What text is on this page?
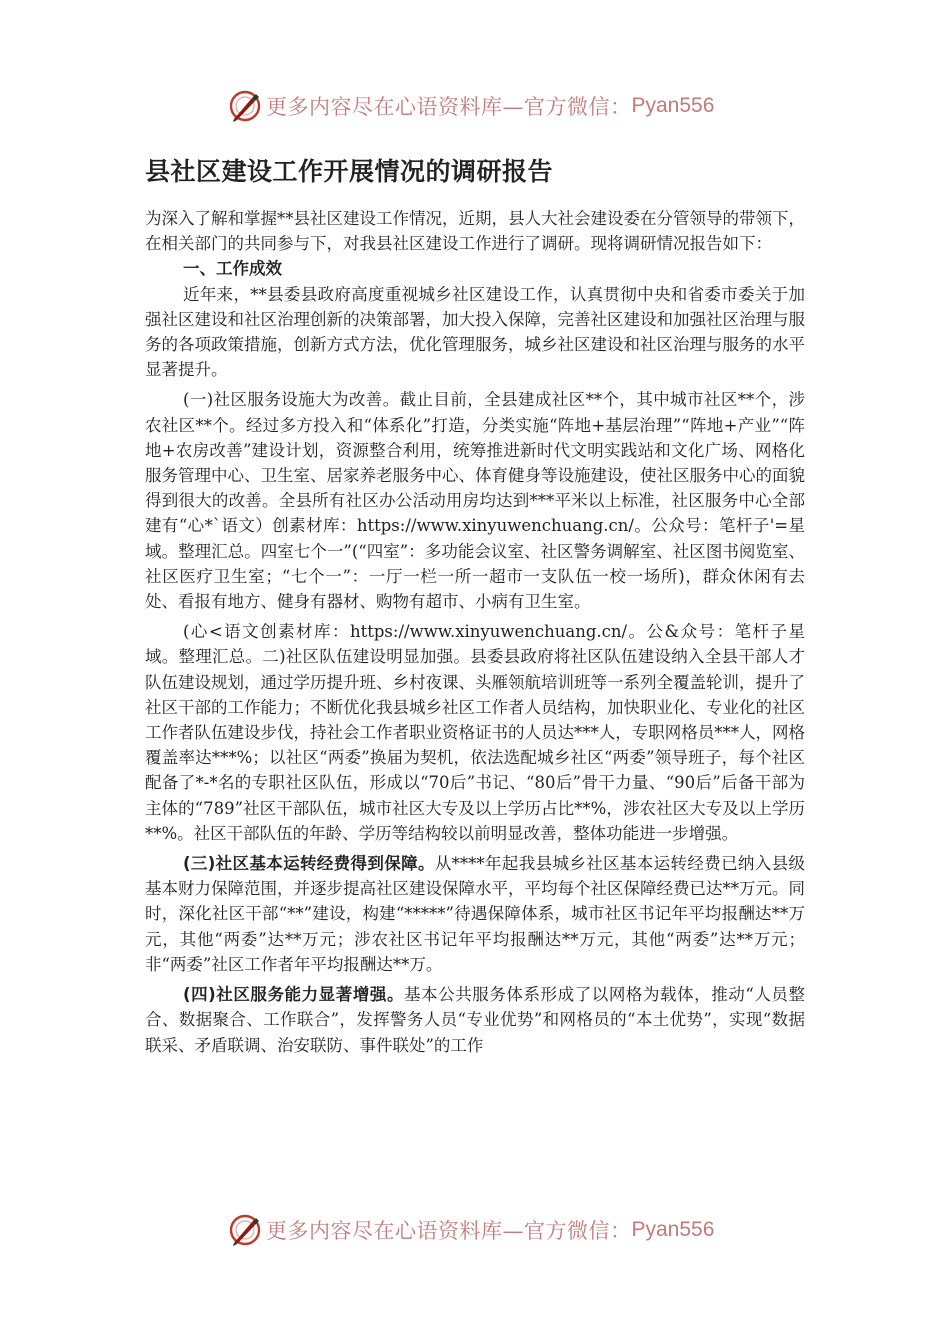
更多内容尽在心语资料库—官方微信： Pyan556
县社区建设工作开展情况的调研报告

为深入了解和掌握**县社区建设工作情况，近期，县人大社会建设委在分管领导的带领下，在相关部门的共同参与下，对我县社区建设工作进行了调研。现将调研情况报告如下：

一、工作成效

近年来，**县委县政府高度重视城乡社区建设工作，认真贯彻中央和省委市委关于加强社区建设和社区治理创新的决策部署，加大投入保障，完善社区建设和加强社区治理与服务的各项政策措施，创新方式方法，优化管理服务，城乡社区建设和社区治理与服务的水平显著提升。

(一)社区服务设施大为改善。截止目前，全县建成社区**个，其中城市社区**个，涉农社区**个。经过多方投入和“体系化”打造，分类实施“阵地+基层治理”“阵地+产业”“阵地+农房改善”建设计划，资源整合利用，统筹推进新时代文明实践站和文化广场、网格化服务管理中心、卫生室、居家养老服务中心、体育健身等设施建设，使社区服务中心的面貌得到很大的改善。全县所有社区办公活动用房均达到***平米以上标准，社区服务中心全部建有“心*`语文）创素材库：https://www.xinyuwenchuang.cn/。公众号：笔杆子'=星域。整理汇总。四室七个一”(“四室”：多功能会议室、社区警务调解室、社区图书阅览室、社区医疗卫生室；“七个一”：一厅一栏一所一超市一支队伍一校一场所)，群众休闲有去处、看报有地方、健身有器材、购物有超市、小病有卫生室。

(心<语文创素材库：https://www.xinyuwenchuang.cn/。公&众号：笔杆子星域。整理汇总。二)社区队伍建设明显加强。县委县政府将社区队伍建设纳入全县干部人才队伍建设规划，通过学历提升班、乡村夜课、头雁领航培训班等一系列全覆盖轮训，提升了社区干部的工作能力；不断优化我县城乡社区工作者人员结构，加快职业化、专业化的社区工作者队伍建设步伐，持社会工作者职业资格证书的人员达***人，专职网格员***人，网格覆盖率达***%；以社区“两委”换届为契机，依法选配城乡社区“两委”领导班子，每个社区配备了*-*名的专职社区队伍，形成以“70后”书记、“80后”骨干力量、“90后”后备干部为主体的“789”社区干部队伍，城市社区大专及以上学历占比**%，涉农社区大专及以上学历**%。社区干部队伍的年龄、学历等结构较以前明显改善，整体功能进一步增强。

(三)社区基本运转经费得到保障。从****年起我县城乡社区基本运转经费已纳入县级基本财力保障范围，并逐步提高社区建设保障水平，平均每个社区保障经费已达**万元。同时，深化社区干部“**”建设，构建“*****”待遇保障体系，城市社区书记年平均报酬达**万元，其他“两委”达**万元；涉农社区书记年平均报酬达**万元，其他“两委”达**万元；非“两委”社区工作者年平均报酬达**万。

(四)社区服务能力显著增强。基本公共服务体系形成了以网格为载体，推动“人员整合、数据聚合、工作联合”，发挥警务人员“专业优势”和网格员的“本土优势”，实现“数据联采、矛盾联调、治安联防、事件联处”的工作

更多内容尽在心语资料库—官方微信： Pyan556
